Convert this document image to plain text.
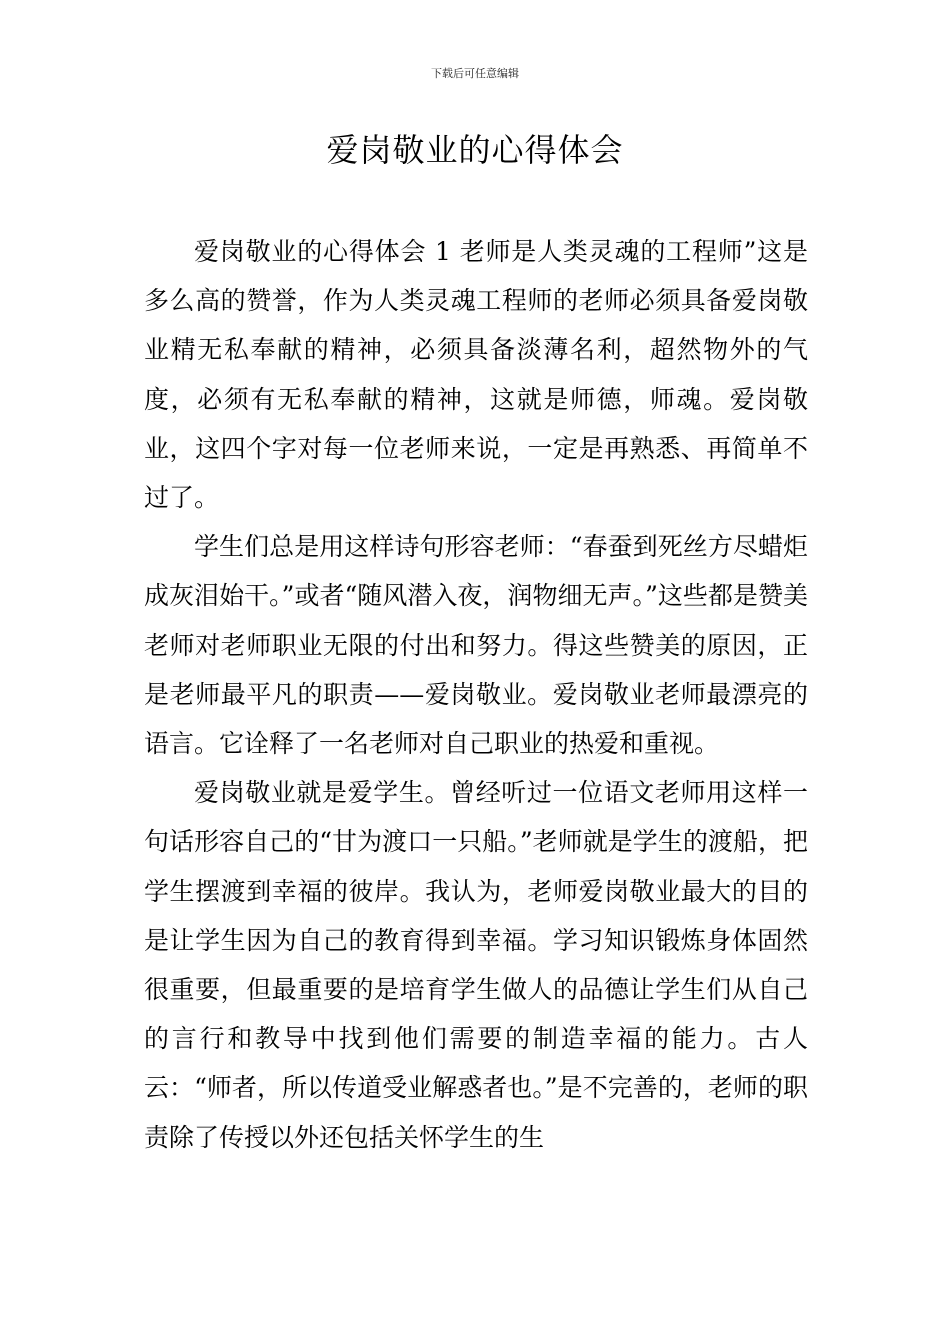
下载后可任意编辑
爱岗敬业的心得体会

爱岗敬业的心得体会 1 老师是人类灵魂的工程师”这是多么高的赞誉，作为人类灵魂工程师的老师必须具备爱岗敬业精无私奉献的精神，必须具备淡薄名利，超然物外的气度，必须有无私奉献的精神，这就是师德，师魂。爱岗敬业，这四个字对每一位老师来说，一定是再熟悉、再简单不过了。

学生们总是用这样诗句形容老师：“春蚕到死丝方尽蜡炬成灰泪始干。”或者“随风潜入夜，润物细无声。”这些都是赞美老师对老师职业无限的付出和努力。得这些赞美的原因，正是老师最平凡的职责——爱岗敬业。爱岗敬业老师最漂亮的语言。它诠释了一名老师对自己职业的热爱和重视。

爱岗敬业就是爱学生。曾经听过一位语文老师用这样一句话形容自己的“甘为渡口一只船。”老师就是学生的渡船，把学生摆渡到幸福的彼岸。我认为，老师爱岗敬业最大的目的是让学生因为自己的教育得到幸福。学习知识锻炼身体固然很重要，但最重要的是培育学生做人的品德让学生们从自己的言行和教导中找到他们需要的制造幸福的能力。古人云：“师者，所以传道受业解惑者也。”是不完善的，老师的职责除了传授以外还包括关怀学生的生
